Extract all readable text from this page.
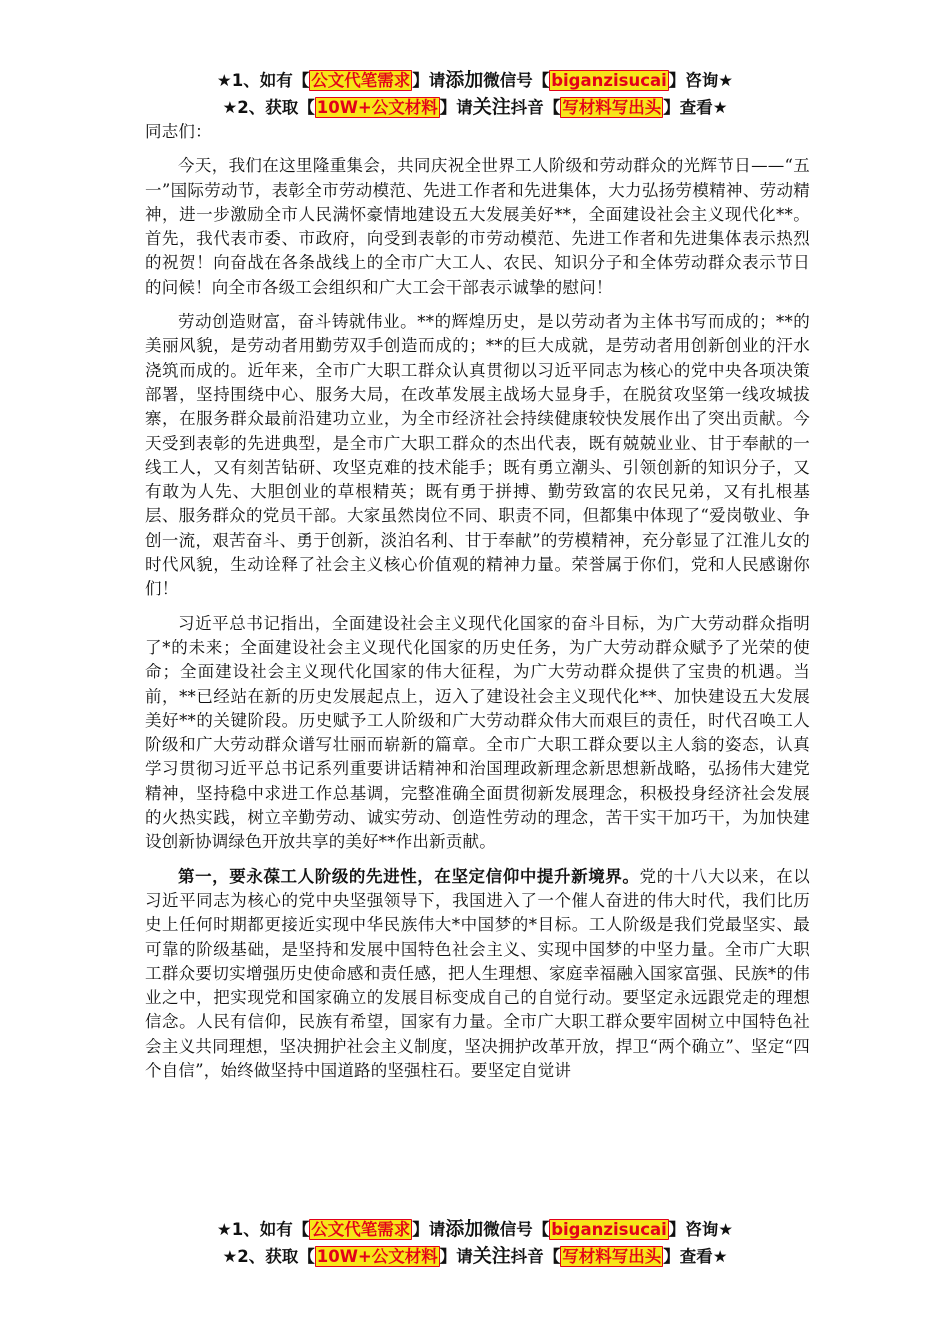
★1、如有【 公文代笔需求 】请添加微信号【 biganzisucai 】咨询★
★2、获取【 10W+公文材料 】请关注抖音【 写材料写出头 】查看★

同志们：

今天，我们在这里隆重集会，共同庆祝全世界工人阶级和劳动群众的光辉节日——“五一”国际劳动节，表彰全市劳动模范、先进工作者和先进集体，大力弘扬劳模精神、劳动精神，进一步激励全市人民满怀豪情地建设五大发展美好**，全面建设社会主义现代化**。首先，我代表市委、市政府，向受到表彰的市劳动模范、先进工作者和先进集体表示热烈的祝贺！向奋战在各条战线上的全市广大工人、农民、知识分子和全体劳动群众表示节日的问候！向全市各级工会组织和广大工会干部表示诚挚的慰问！

劳动创造财富，奋斗铸就伟业。**的辉煌历史，是以劳动者为主体书写而成的；**的美丽风貌，是劳动者用勤劳双手创造而成的；**的巨大成就，是劳动者用创新创业的汗水浇筑而成的。近年来，全市广大职工群众认真贯彻以习近平同志为核心的党中央各项决策部署，坚持围绕中心、服务大局，在改革发展主战场大显身手，在脱贫攻坚第一线攻城拔寨，在服务群众最前沿建功立业，为全市经济社会持续健康较快发展作出了突出贡献。今天受到表彰的先进典型，是全市广大职工群众的杰出代表，既有兢兢业业、甘于奉献的一线工人，又有刻苦钻研、攻坚克难的技术能手；既有勇立潮头、引领创新的知识分子，又有敢为人先、大胆创业的草根精英；既有勇于拼搏、勤劳致富的农民兄弟，又有扎根基层、服务群众的党员干部。大家虽然岗位不同、职责不同，但都集中体现了“爱岗敬业、争创一流，艰苦奋斗、勇于创新，淡泊名利、甘于奉献”的劳模精神，充分彰显了江淮儿女的时代风貌，生动诠释了社会主义核心价值观的精神力量。荣誉属于你们，党和人民感谢你们！

习近平总书记指出，全面建设社会主义现代化国家的奋斗目标，为广大劳动群众指明了*的未来；全面建设社会主义现代化国家的历史任务，为广大劳动群众赋予了光荣的使命；全面建设社会主义现代化国家的伟大征程，为广大劳动群众提供了宝贵的机遇。当前，**已经站在新的历史发展起点上，迈入了建设社会主义现代化**、加快建设五大发展美好**的关键阶段。历史赋予工人阶级和广大劳动群众伟大而艰巨的责任，时代召唤工人阶级和广大劳动群众谱写壮丽而崭新的篇章。全市广大职工群众要以主人翁的姿态，认真学习贯彻习近平总书记系列重要讲话精神和治国理政新理念新思想新战略，弘扬伟大建党精神，坚持稳中求进工作总基调，完整准确全面贯彻新发展理念，积极投身经济社会发展的火热实践，树立辛勤劳动、诚实劳动、创造性劳动的理念，苦干实干加巧干，为加快建设创新协调绿色开放共享的美好**作出新贡献。

第一，要永葆工人阶级的先进性，在坚定信仰中提升新境界。党的十八大以来，在以习近平同志为核心的党中央坚强领导下，我国进入了一个催人奋进的伟大时代，我们比历史上任何时期都更接近实现中华民族伟大*中国梦的*目标。工人阶级是我们党最坚实、最可靠的阶级基础，是坚持和发展中国特色社会主义、实现中国梦的中坚力量。全市广大职工群众要切实增强历史使命感和责任感，把人生理想、家庭幸福融入国家富强、民族*的伟业之中，把实现党和国家确立的发展目标变成自己的自觉行动。要坚定永远跟党走的理想信念。人民有信仰，民族有希望，国家有力量。全市广大职工群众要牢固树立中国特色社会主义共同理想，坚决拥护社会主义制度，坚决拥护改革开放，捍卫“两个确立”、坚定“四个自信”，始终做坚持中国道路的坚强柱石。要坚定自觉讲

★1、如有【 公文代笔需求 】请添加微信号【 biganzisucai 】咨询★
★2、获取【 10W+公文材料 】请关注抖音【 写材料写出头 】查看★
